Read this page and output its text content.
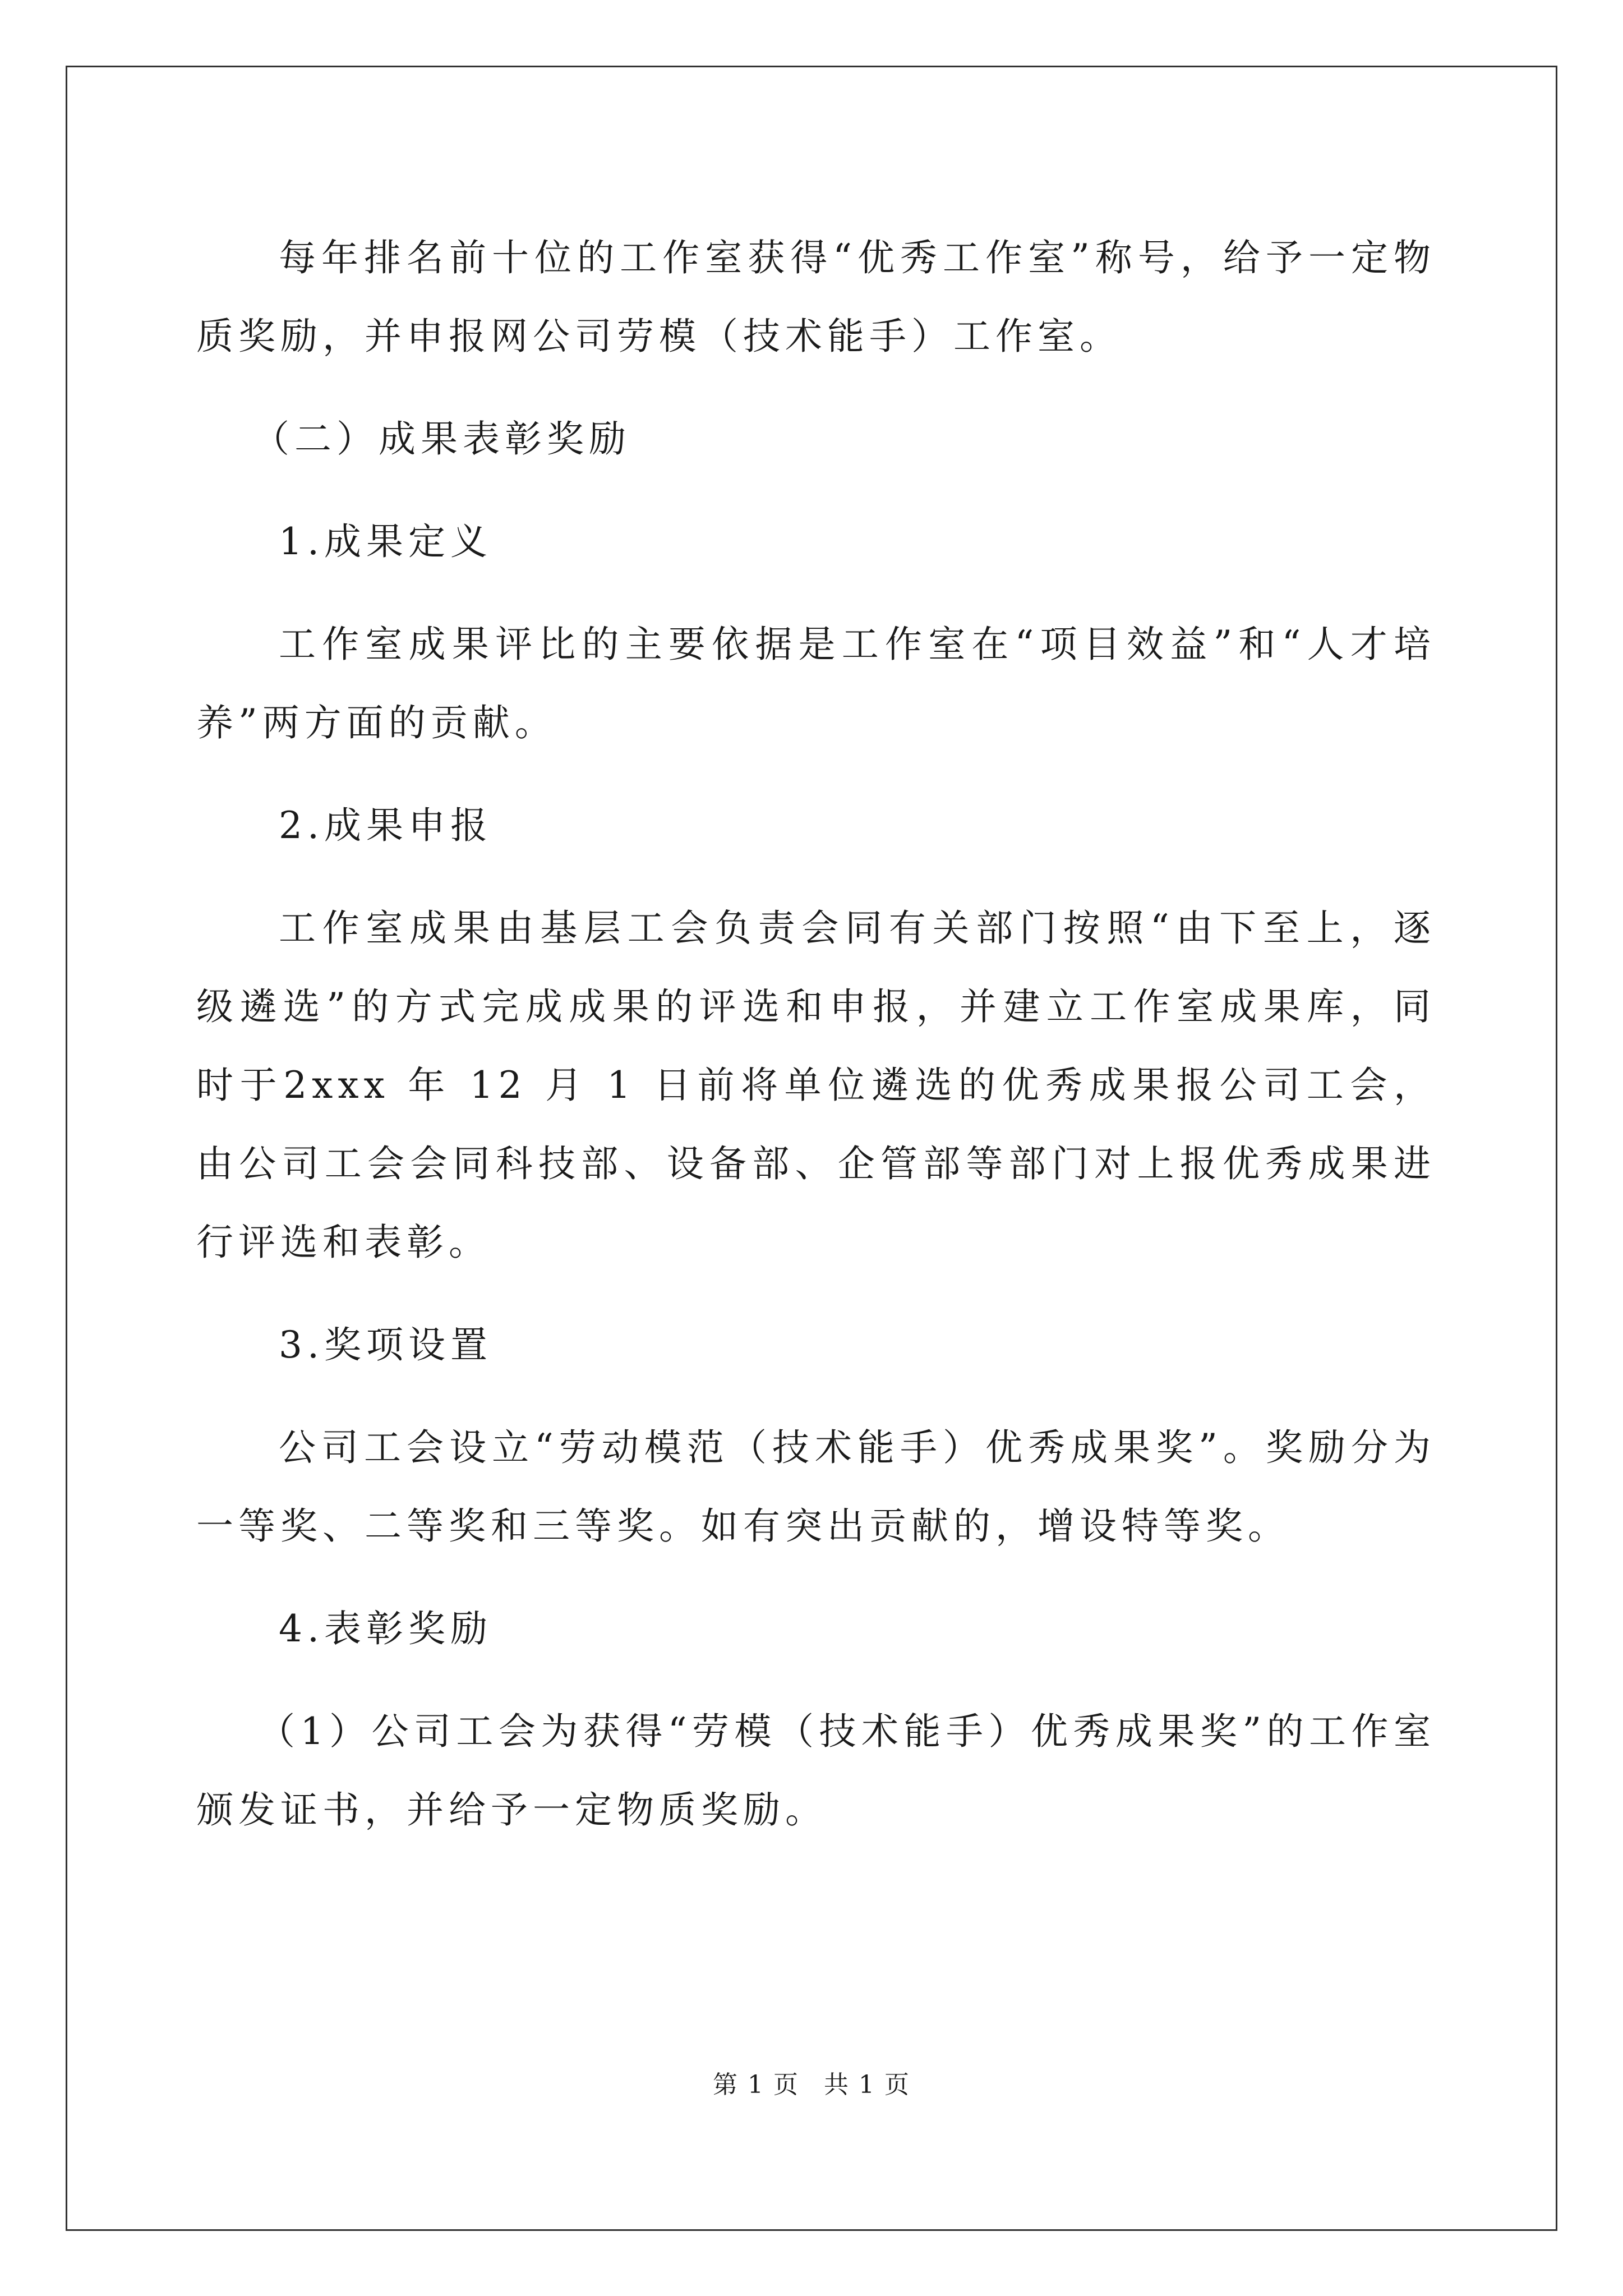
每年排名前十位的工作室获得“优秀工作室”称号，给予一定物质奖励，并申报网公司劳模（技术能手）工作室。

（二）成果表彰奖励

1.成果定义

工作室成果评比的主要依据是工作室在“项目效益”和“人才培养”两方面的贡献。

2.成果申报

工作室成果由基层工会负责会同有关部门按照“由下至上，逐级遴选”的方式完成成果的评选和申报，并建立工作室成果库，同时于2xxx 年 12 月 1 日前将单位遴选的优秀成果报公司工会，由公司工会会同科技部、设备部、企管部等部门对上报优秀成果进行评选和表彰。

3.奖项设置

公司工会设立“劳动模范（技术能手）优秀成果奖”。奖励分为一等奖、二等奖和三等奖。如有突出贡献的，增设特等奖。

4.表彰奖励

（1）公司工会为获得“劳模（技术能手）优秀成果奖”的工作室颁发证书，并给予一定物质奖励。

第 1 页 共 1 页
